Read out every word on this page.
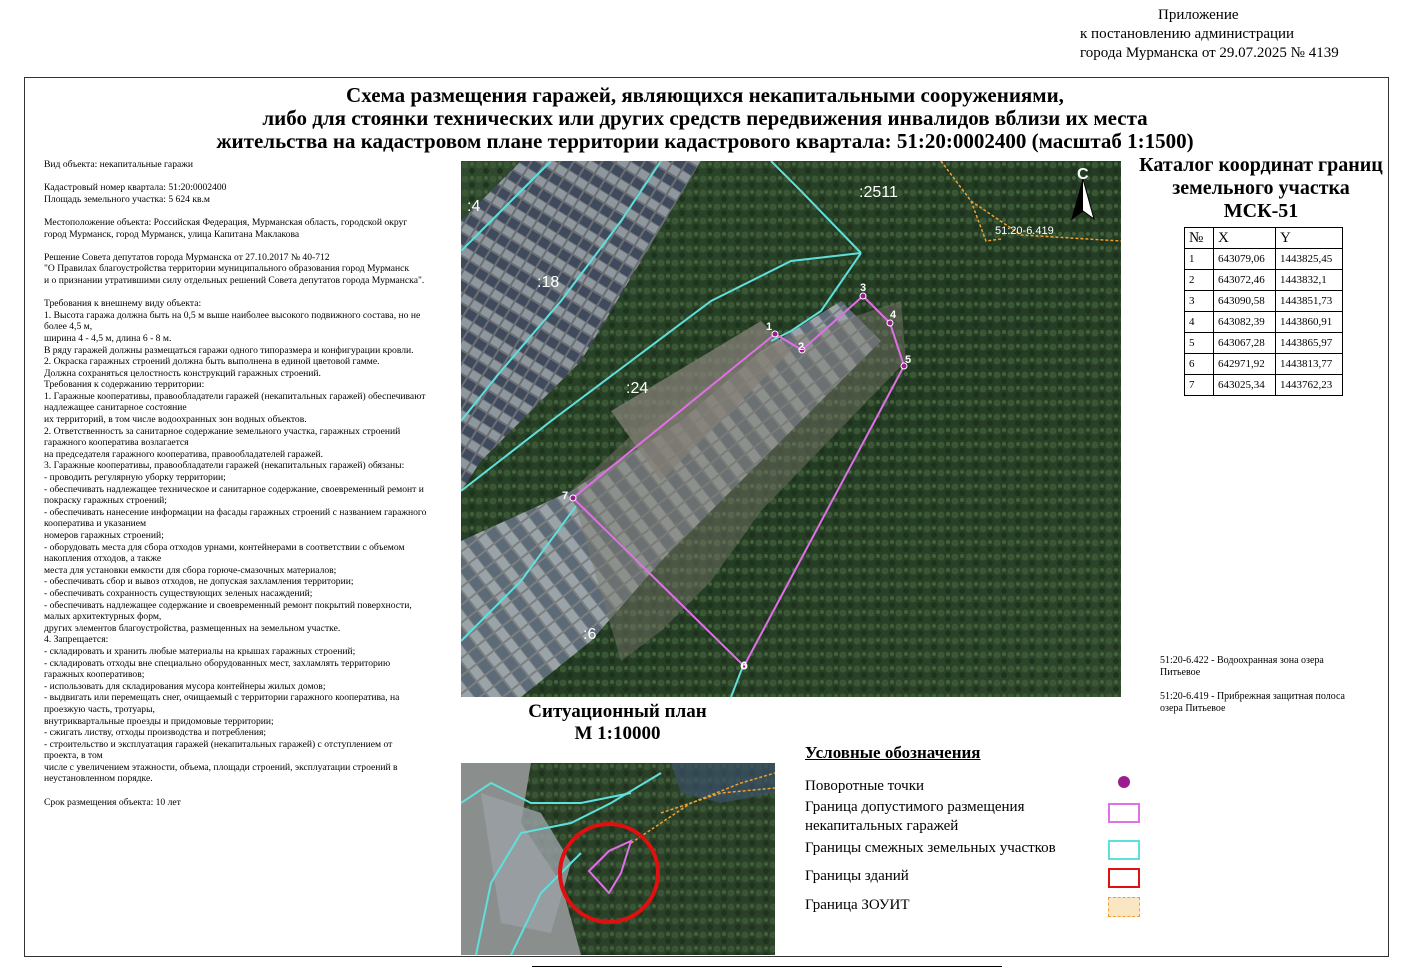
Приложение
к постановлению администрации
города Мурманска от 29.07.2025 № 4139
Схема размещения гаражей, являющихся некапитальными сооружениями,
либо для стоянки технических или других средств передвижения инвалидов вблизи их места
жительства на кадастровом плане территории кадастрового квартала: 51:20:0002400 (масштаб 1:1500)
Вид объекта: некапитальные гаражи
Кадастровый номер квартала: 51:20:0002400
Площадь земельного участка: 5 624 кв.м
Местоположение объекта: Российская Федерация, Мурманская область, городской округ
город Мурманск, город Мурманск, улица Капитана Маклакова
Решение Совета депутатов города Мурманска от 27.10.2017 № 40-712
"О Правилах благоустройства территории муниципального образования город Мурманск
и о признании утратившими силу отдельных решений Совета депутатов города Мурманска".
Требования к внешнему виду объекта:
1. Высота гаража должна быть на 0,5 м выше наиболее высокого подвижного состава, но не
более 4,5 м,
ширина 4 - 4,5 м, длина 6 - 8 м.
В ряду гаражей должны размещаться гаражи одного типоразмера и конфигурации кровли.
2. Окраска гаражных строений должна быть выполнена в единой цветовой гамме.
Должна сохраняться целостность конструкций гаражных строений.
Требования к содержанию территории:
1. Гаражные кооперативы, правообладатели гаражей (некапитальных гаражей) обеспечивают
надлежащее санитарное состояние
их территорий, в том числе водоохранных зон водных объектов.
2. Ответственность за санитарное содержание земельного участка, гаражных строений
гаражного кооператива возлагается
на председателя гаражного кооператива, правообладателей гаражей.
3. Гаражные кооперативы, правообладатели гаражей (некапитальных гаражей) обязаны:
- проводить регулярную уборку территории;
- обеспечивать надлежащее техническое и санитарное содержание, своевременный ремонт и
покраску гаражных строений;
- обеспечивать нанесение информации на фасады гаражных строений с названием гаражного
кооператива и указанием
номеров гаражных строений;
- оборудовать места для сбора отходов урнами, контейнерами в соответствии с объемом
накопления отходов, а также
места для установки емкости для сбора горюче-смазочных материалов;
- обеспечивать сбор и вывоз отходов, не допуская захламления территории;
- обеспечивать сохранность существующих зеленых насаждений;
- обеспечивать надлежащее содержание и своевременный ремонт покрытий поверхности,
малых архитектурных форм,
других элементов благоустройства, размещенных на земельном участке.
4. Запрещается:
- складировать и хранить любые материалы на крышах гаражных строений;
- складировать отходы вне специально оборудованных мест, захламлять территорию
гаражных кооперативов;
- использовать для складирования мусора контейнеры жилых домов;
- выдвигать или перемещать снег, очищаемый с территории гаражного кооператива, на
проезжую часть, тротуары,
внутриквартальные проезды и придомовые территории;
- сжигать листву, отходы производства и потребления;
- строительство и эксплуатация гаражей (некапитальных гаражей) с отступлением от
проекта, в том
числе с увеличением этажности, объема, площади строений, эксплуатации строений в
неустановленном порядке.
Срок размещения объекта: 10 лет
Каталог координат границ
земельного участка
МСК-51
№	X	Y
1	643079,06	1443825,45
2	643072,46	1443832,1
3	643090,58	1443851,73
4	643082,39	1443860,91
5	643067,28	1443865,97
6	642971,92	1443813,77
7	643025,34	1443762,23
1
2
3
4
5
6
7
:4
:2511
:18
:24
:6
51:20-6.419
С
51:20-6.422 - Водоохранная зона озера
Питьевое
51:20-6.419 - Прибрежная защитная полоса
озера Питьевое
Ситуационный план
М 1:10000
Условные обозначения
Поворотные точки
Граница допустимого размещения
некапитальных гаражей
Границы смежных земельных участков
Границы зданий
Граница ЗОУИТ
